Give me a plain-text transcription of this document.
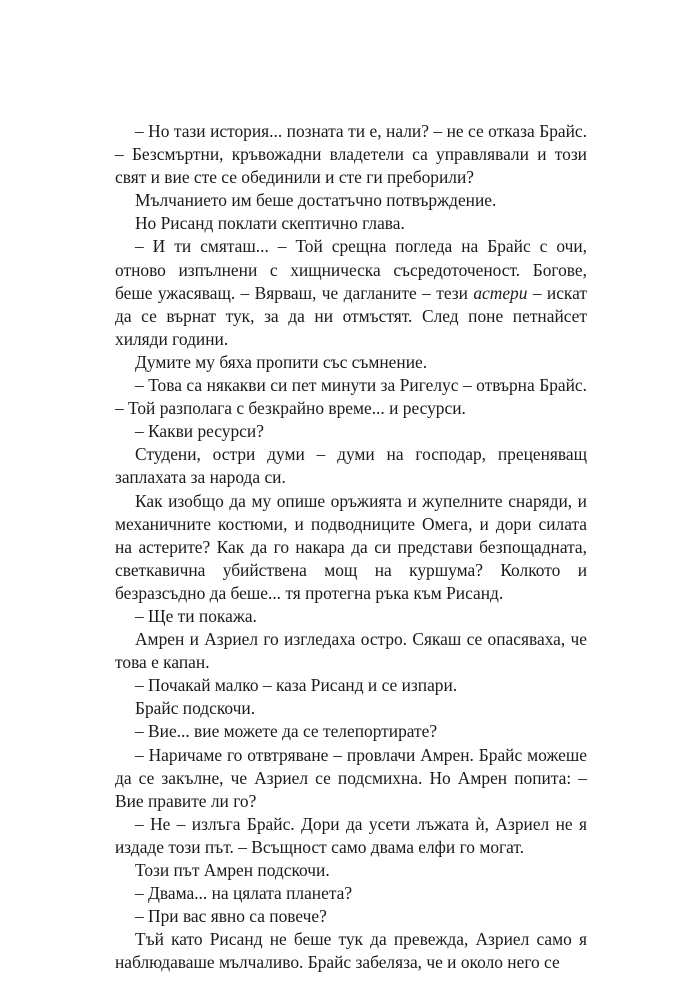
– Но тази история... позната ти е, нали? – не се отказа Брайс. – Безсмъртни, кръвожадни владетели са управлявали и този свят и вие сте се обединили и сте ги преборили?

Мълчанието им беше достатъчно потвърждение.

Но Рисанд поклати скептично глава.

– И ти смяташ... – Той срещна погледа на Брайс с очи, отново изпълнени с хищническа съсредоточеност. Богове, беше ужасяващ. – Вярваш, че дагланите – тези астери – искат да се върнат тук, за да ни отмъстят. След поне петнайсет хиляди години.

Думите му бяха пропити със съмнение.

– Това са някакви си пет минути за Ригелус – отвърна Брайс. – Той разполага с безкрайно време... и ресурси.

– Какви ресурси?

Студени, остри думи – думи на господар, преценяващ заплахата за народа си.

Как изобщо да му опише оръжията и жупелните снаряди, и механичните костюми, и подводниците Омега, и дори силата на астерите? Как да го накара да си представи безпощадната, светкавична убийствена мощ на куршума? Колкото и безразсъдно да беше... тя протегна ръка към Рисанд.

– Ще ти покажа.

Амрен и Азриел го изгледаха остро. Сякаш се опасяваха, че това е капан.

– Почакай малко – каза Рисанд и се изпари.

Брайс подскочи.

– Вие... вие можете да се телепортирате?

– Наричаме го отвтряване – провлачи Амрен. Брайс можеше да се закълне, че Азриел се подсмихна. Но Амрен попита: – Вие правите ли го?

– Не – излъга Брайс. Дори да усети лъжата ѝ, Азриел не я издаде този път. – Всъщност само двама елфи го могат.

Този път Амрен подскочи.

– Двама... на цялата планета?

– При вас явно са повече?

Тъй като Рисанд не беше тук да превежда, Азриел само я наблюдаваше мълчаливо. Брайс забеляза, че и около него се
